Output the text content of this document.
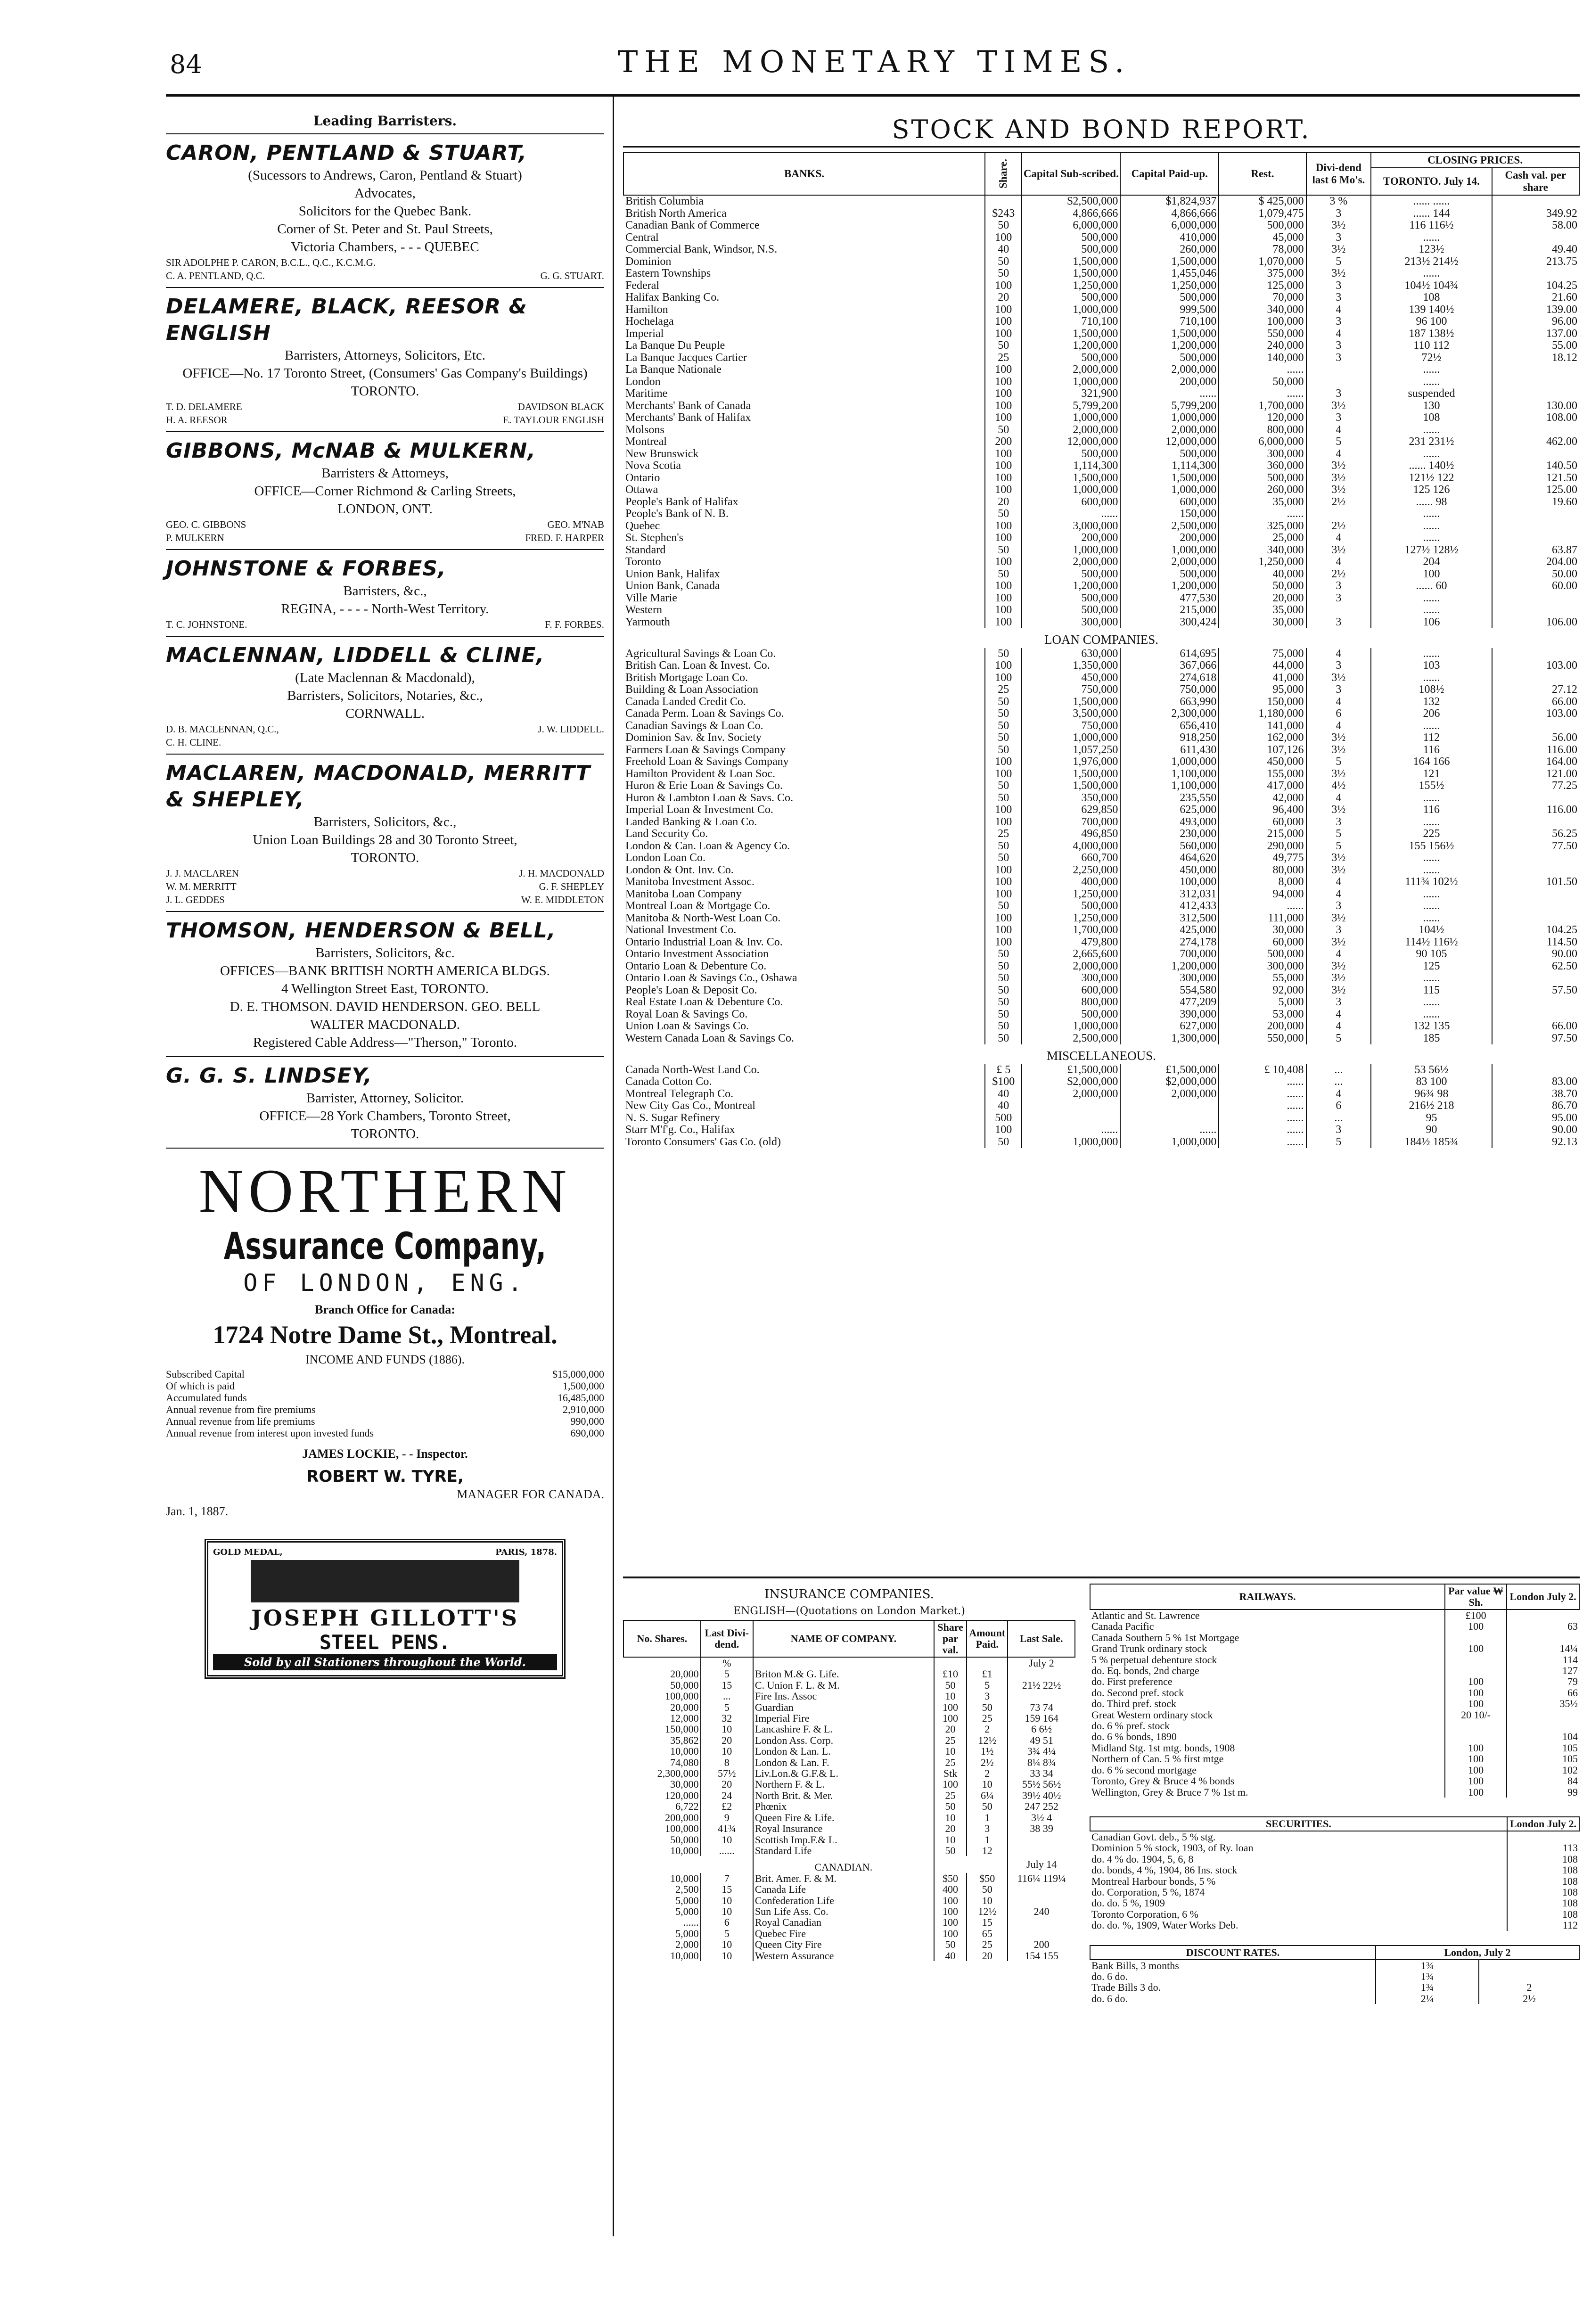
84	THE MONETARY TIMES.
Leading Barristers.
CARON, PENTLAND & STUART,
(Sucessors to Andrews, Caron, Pentland & Stuart)
Advocates,
Solicitors for the Quebec Bank.
Corner of St. Peter and St. Paul Streets,
Victoria Chambers, - - - QUEBEC
SIR ADOLPHE P. CARON, B.C.L., Q.C., K.C.M.G.
C. A. PENTLAND, Q.C.	G. G. STUART.
DELAMERE, BLACK, REESOR & ENGLISH
Barristers, Attorneys, Solicitors, Etc.
OFFICE—No. 17 Toronto Street, (Consumers' Gas Company's Buildings)
TORONTO.
T. D. DELAMERE	DAVIDSON BLACK
H. A. REESOR	E. TAYLOUR ENGLISH
GIBBONS, McNAB & MULKERN,
Barristers & Attorneys,
OFFICE—Corner Richmond & Carling Streets,
LONDON, ONT.
GEO. C. GIBBONS	GEO. M'NAB
P. MULKERN	FRED. F. HARPER
JOHNSTONE & FORBES,
Barristers, &c.,
REGINA, - - - - North-West Territory.
T. C. JOHNSTONE.	F. F. FORBES.
MACLENNAN, LIDDELL & CLINE,
(Late Maclennan & Macdonald),
Barristers, Solicitors, Notaries, &c.,
CORNWALL.
D. B. MACLENNAN, Q.C.,	J. W. LIDDELL.
C. H. CLINE.
MACLAREN, MACDONALD, MERRITT & SHEPLEY,
Barristers, Solicitors, &c.,
Union Loan Buildings 28 and 30 Toronto Street,
TORONTO.
J. J. MACLAREN	J. H. MACDONALD
W. M. MERRITT	G. F. SHEPLEY
J. L. GEDDES	W. E. MIDDLETON
THOMSON, HENDERSON & BELL,
Barristers, Solicitors, &c.
OFFICES—BANK BRITISH NORTH AMERICA BLDGS.
4 Wellington Street East, TORONTO.
D. E. THOMSON. DAVID HENDERSON. GEO. BELL
WALTER MACDONALD.
Registered Cable Address—"Therson," Toronto.
G. G. S. LINDSEY,
Barrister, Attorney, Solicitor.
OFFICE—28 York Chambers, Toronto Street,
TORONTO.
NORTHERN
Assurance Company,
OF LONDON, ENG.
Branch Office for Canada:
1724 Notre Dame St., Montreal.
INCOME AND FUNDS (1886).
Subscribed Capital	$15,000,000
Of which is paid	1,500,000
Accumulated funds	16,485,000
Annual revenue from fire premiums	2,910,000
Annual revenue from life premiums	990,000
Annual revenue from interest upon invested funds	690,000
JAMES LOCKIE, - - Inspector.
ROBERT W. TYRE,
MANAGER FOR CANADA.
Jan. 1, 1887.
GOLD MEDAL,	PARIS, 1878.
JOSEPH GILLOTT'S
STEEL PENS.
Sold by all Stationers throughout the World.
STOCK AND BOND REPORT.
BANKS.	Share.	Capital Sub-scribed.	Capital Paid-up.	Rest.	Divi-dend last 6 Mo's.	CLOSING PRICES.	
						TORONTO. July 14.	Cash val. per share
British Columbia		$2,500,000	$1,824,937	$ 425,000	3 %	...... ......	
British North America	$243	4,866,666	4,866,666	1,079,475	3	...... 144	349.92
Canadian Bank of Commerce	50	6,000,000	6,000,000	500,000	3½	116 116½	58.00
Central	100	500,000	410,000	45,000	3	......	
Commercial Bank, Windsor, N.S.	40	500,000	260,000	78,000	3½	123½	49.40
Dominion	50	1,500,000	1,500,000	1,070,000	5	213½ 214½	213.75
Eastern Townships	50	1,500,000	1,455,046	375,000	3½	......	
Federal	100	1,250,000	1,250,000	125,000	3	104½ 104¾	104.25
Halifax Banking Co.	20	500,000	500,000	70,000	3	108	21.60
Hamilton	100	1,000,000	999,500	340,000	4	139 140½	139.00
Hochelaga	100	710,100	710,100	100,000	3	96 100	96.00
Imperial	100	1,500,000	1,500,000	550,000	4	187 138½	137.00
La Banque Du Peuple	50	1,200,000	1,200,000	240,000	3	110 112	55.00
La Banque Jacques Cartier	25	500,000	500,000	140,000	3	72½	18.12
La Banque Nationale	100	2,000,000	2,000,000	......		......	
London	100	1,000,000	200,000	50,000		......	
Maritime	100	321,900	......	......	3	suspended	
Merchants' Bank of Canada	100	5,799,200	5,799,200	1,700,000	3½	130	130.00
Merchants' Bank of Halifax	100	1,000,000	1,000,000	120,000	3	108	108.00
Molsons	50	2,000,000	2,000,000	800,000	4	......	
Montreal	200	12,000,000	12,000,000	6,000,000	5	231 231½	462.00
New Brunswick	100	500,000	500,000	300,000	4	......	
Nova Scotia	100	1,114,300	1,114,300	360,000	3½	...... 140½	140.50
Ontario	100	1,500,000	1,500,000	500,000	3½	121½ 122	121.50
Ottawa	100	1,000,000	1,000,000	260,000	3½	125 126	125.00
People's Bank of Halifax	20	600,000	600,000	35,000	2½	...... 98	19.60
People's Bank of N. B.	50	......	150,000	......		......	
Quebec	100	3,000,000	2,500,000	325,000	2½	......	
St. Stephen's	100	200,000	200,000	25,000	4	......	
Standard	50	1,000,000	1,000,000	340,000	3½	127½ 128½	63.87
Toronto	100	2,000,000	2,000,000	1,250,000	4	204	204.00
Union Bank, Halifax	50	500,000	500,000	40,000	2½	100	50.00
Union Bank, Canada	100	1,200,000	1,200,000	50,000	3	...... 60	60.00
Ville Marie	100	500,000	477,530	20,000	3	......	
Western	100	500,000	215,000	35,000		......	
Yarmouth	100	300,000	300,424	30,000	3	106	106.00
LOAN COMPANIES.							
Agricultural Savings & Loan Co.	50	630,000	614,695	75,000	4	......	
British Can. Loan & Invest. Co.	100	1,350,000	367,066	44,000	3	103	103.00
British Mortgage Loan Co.	100	450,000	274,618	41,000	3½	......	
Building & Loan Association	25	750,000	750,000	95,000	3	108½	27.12
Canada Landed Credit Co.	50	1,500,000	663,990	150,000	4	132	66.00
Canada Perm. Loan & Savings Co.	50	3,500,000	2,300,000	1,180,000	6	206	103.00
Canadian Savings & Loan Co.	50	750,000	656,410	141,000	4	......	
Dominion Sav. & Inv. Society	50	1,000,000	918,250	162,000	3½	112	56.00
Farmers Loan & Savings Company	50	1,057,250	611,430	107,126	3½	116	116.00
Freehold Loan & Savings Company	100	1,976,000	1,000,000	450,000	5	164 166	164.00
Hamilton Provident & Loan Soc.	100	1,500,000	1,100,000	155,000	3½	121	121.00
Huron & Erie Loan & Savings Co.	50	1,500,000	1,100,000	417,000	4½	155½	77.25
Huron & Lambton Loan & Savs. Co.	50	350,000	235,550	42,000	4	......	
Imperial Loan & Investment Co.	100	629,850	625,000	96,400	3½	116	116.00
Landed Banking & Loan Co.	100	700,000	493,000	60,000	3	......	
Land Security Co.	25	496,850	230,000	215,000	5	225	56.25
London & Can. Loan & Agency Co.	50	4,000,000	560,000	290,000	5	155 156½	77.50
London Loan Co.	50	660,700	464,620	49,775	3½	......	
London & Ont. Inv. Co.	100	2,250,000	450,000	80,000	3½	......	
Manitoba Investment Assoc.	100	400,000	100,000	8,000	4	111¾ 102½	101.50
Manitoba Loan Company	100	1,250,000	312,031	94,000	4	......	
Montreal Loan & Mortgage Co.	50	500,000	412,433	......	3	......	
Manitoba & North-West Loan Co.	100	1,250,000	312,500	111,000	3½	......	
National Investment Co.	100	1,700,000	425,000	30,000	3	104½	104.25
Ontario Industrial Loan & Inv. Co.	100	479,800	274,178	60,000	3½	114½ 116½	114.50
Ontario Investment Association	50	2,665,600	700,000	500,000	4	90 105	90.00
Ontario Loan & Debenture Co.	50	2,000,000	1,200,000	300,000	3½	125	62.50
Ontario Loan & Savings Co., Oshawa	50	300,000	300,000	55,000	3½	......	
People's Loan & Deposit Co.	50	600,000	554,580	92,000	3½	115	57.50
Real Estate Loan & Debenture Co.	50	800,000	477,209	5,000	3	......	
Royal Loan & Savings Co.	50	500,000	390,000	53,000	4	......	
Union Loan & Savings Co.	50	1,000,000	627,000	200,000	4	132 135	66.00
Western Canada Loan & Savings Co.	50	2,500,000	1,300,000	550,000	5	185	97.50
MISCELLANEOUS.							
Canada North-West Land Co.	£ 5	£1,500,000	£1,500,000	£ 10,408	...	53 56½	
Canada Cotton Co.	$100	$2,000,000	$2,000,000	......	...	83 100	83.00
Montreal Telegraph Co.	40	2,000,000	2,000,000	......	4	96¾ 98	38.70
New City Gas Co., Montreal	40			......	6	216½ 218	86.70
N. S. Sugar Refinery	500			......	...	95	95.00
Starr M'f'g. Co., Halifax	100	......	......	......	3	90	90.00
Toronto Consumers' Gas Co. (old)	50	1,000,000	1,000,000	......	5	184½ 185¾	92.13
INSURANCE COMPANIES.
ENGLISH—(Quotations on London Market.)
No. Shares.	Last Divi-dend.	NAME OF COMPANY.	Share par val.	Amount Paid.	Last Sale.
	%				July 2
20,000	5	Briton M.& G. Life.	£10	£1	
50,000	15	C. Union F. L. & M.	50	5	21½ 22½
100,000	...	Fire Ins. Assoc	10	3	
20,000	5	Guardian	100	50	73 74
12,000	32	Imperial Fire	100	25	159 164
150,000	10	Lancashire F. & L.	20	2	6 6½
35,862	20	London Ass. Corp.	25	12½	49 51
10,000	10	London & Lan. L.	10	1½	3¾ 4¼
74,080	8	London & Lan. F.	25	2½	8¼ 8¾
2,300,000	57½	Liv.Lon.& G.F.& L.	Stk	2	33 34
30,000	20	Northern F. & L.	100	10	55½ 56½
120,000	24	North Brit. & Mer.	25	6¼	39½ 40½
6,722	£2	Phœnix	50	50	247 252
200,000	9	Queen Fire & Life.	10	1	3½ 4
100,000	41¾	Royal Insurance	20	3	38 39
50,000	10	Scottish Imp.F.& L.	10	1	
10,000	......	Standard Life	50	12	
		CANADIAN.			July 14
10,000	7	Brit. Amer. F. & M.	$50	$50	116¼ 119¼
2,500	15	Canada Life	400	50	
5,000	10	Confederation Life	100	10	
5,000	10	Sun Life Ass. Co.	100	12½	240
......	6	Royal Canadian	100	15	
5,000	5	Quebec Fire	100	65	
2,000	10	Queen City Fire	50	25	200
10,000	10	Western Assurance	40	20	154 155
RAILWAYS.	Par value ₩ Sh.	London July 2.
Atlantic and St. Lawrence	£100	
Canada Pacific	100	63
Canada Southern 5 % 1st Mortgage		
Grand Trunk ordinary stock	100	14¼
5 % perpetual debenture stock		114
do. Eq. bonds, 2nd charge		127
do. First preference	100	79
do. Second pref. stock	100	66
do. Third pref. stock	100	35½
Great Western ordinary stock	20 10/-	
do. 6 % pref. stock		
do. 6 % bonds, 1890		104
Midland Stg. 1st mtg. bonds, 1908	100	105
Northern of Can. 5 % first mtge	100	105
do. 6 % second mortgage	100	102
Toronto, Grey & Bruce 4 % bonds	100	84
Wellington, Grey & Bruce 7 % 1st m.	100	99
SECURITIES.	London July 2.
Canadian Govt. deb., 5 % stg.	
Dominion 5 % stock, 1903, of Ry. loan	113
do. 4 % do. 1904, 5, 6, 8	108
do. bonds, 4 %, 1904, 86 Ins. stock	108
Montreal Harbour bonds, 5 %	108
do. Corporation, 5 %, 1874	108
do. do. 5 %, 1909	108
Toronto Corporation, 6 %	108
do. do. %, 1909, Water Works Deb.	112
DISCOUNT RATES.	London, July 2	
Bank Bills, 3 months	1¾	
do. 6 do.	1¾	
Trade Bills 3 do.	1¾	2
do. 6 do.	2¼	2½
